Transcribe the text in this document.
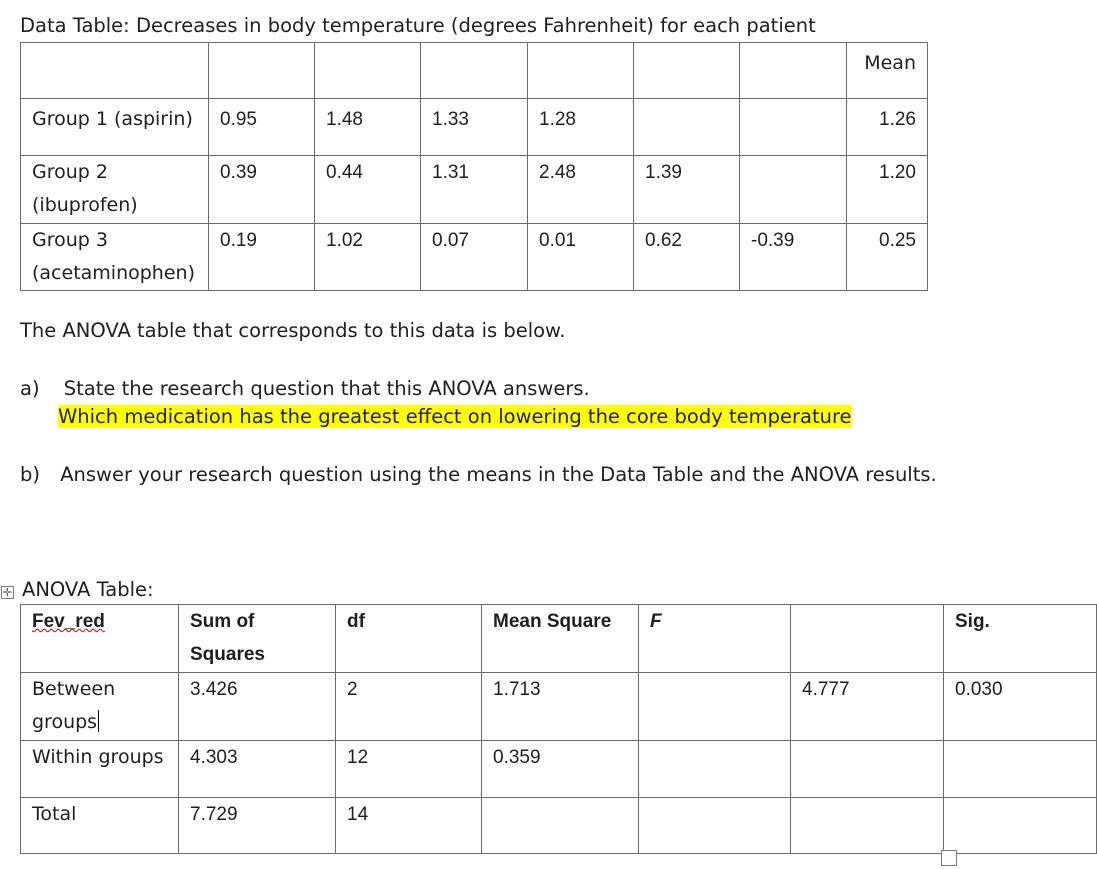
Data Table: Decreases in body temperature (degrees Fahrenheit) for each patient

							Mean

Group 1 (aspirin)	0.95	1.48	1.33	1.28			1.26

Group 2
(ibuprofen)	0.39	0.44	1.31	2.48	1.39		1.20

Group 3
(acetaminophen)	0.19	1.02	0.07	0.01	0.62	-0.39	0.25
The ANOVA table that corresponds to this data is below.
a) State the research question that this ANOVA answers.
Which medication has the greatest effect on lowering the core body temperature
b) Answer your research question using the means in the Data Table and the ANOVA results.
✛ ANOVA Table:
Fev_red	Sum of
Squares	df	Mean Square	F		Sig.

Between
groups	3.426	2	1.713		4.777	0.030

Within groups	4.303	12	0.359			

Total	7.729	14				
